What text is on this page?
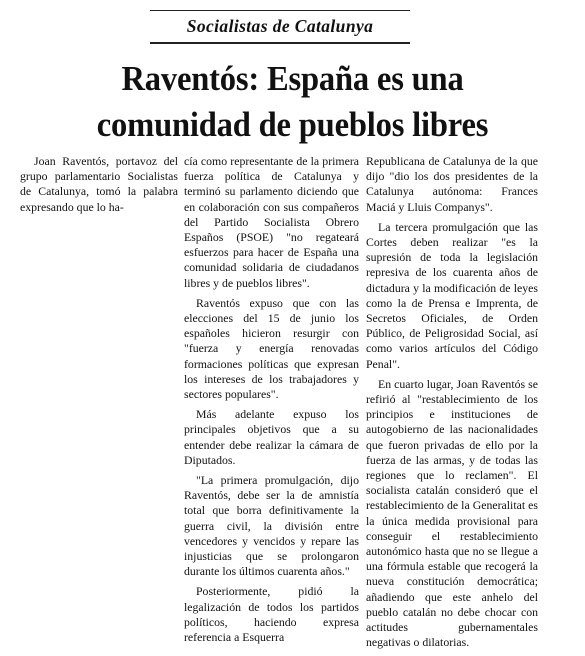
Socialistas de Catalunya
Raventós: España es una
comunidad de pueblos libres

Joan Raventós, portavoz del grupo parlamentario Socialistas de Catalunya, tomó la palabra expresando que lo ha-

cía como representante de la primera fuerza política de Catalunya y terminó su parlamento diciendo que en colaboración con sus compañeros del Partido Socialista Obrero Españos (PSOE) "no regateará esfuerzos para hacer de España una comunidad solidaria de ciudadanos libres y de pueblos libres".

Raventós expuso que con las elecciones del 15 de junio los españoles hicieron resurgir con "fuerza y energía renovadas formaciones políticas que expresan los intereses de los trabajadores y sectores populares".

Más adelante expuso los principales objetivos que a su entender debe realizar la cámara de Diputados.

"La primera promulgación, dijo Raventós, debe ser la de amnistía total que borra definitivamente la guerra civil, la división entre vencedores y vencidos y repare las injusticias que se prolongaron durante los últimos cuarenta años."

Posteriormente, pidió la legalización de todos los partidos políticos, haciendo expresa referencia a Esquerra

Republicana de Catalunya de la que dijo "dio los dos presidentes de la Catalunya autónoma: Frances Maciá y Lluis Companys".

La tercera promulgación que las Cortes deben realizar "es la supresión de toda la legislación represiva de los cuarenta años de dictadura y la modificación de leyes como la de Prensa e Imprenta, de Secretos Oficiales, de Orden Público, de Peligrosidad Social, así como varios artículos del Código Penal".

En cuarto lugar, Joan Raventós se refirió al "restablecimiento de los principios e instituciones de autogobierno de las nacionalidades que fueron privadas de ello por la fuerza de las armas, y de todas las regiones que lo reclamen". El socialista catalán consideró que el restablecimiento de la Generalitat es la única medida provisional para conseguir el restablecimiento autonómico hasta que no se llegue a una fórmula estable que recogerá la nueva constitución democrática; añadiendo que este anhelo del pueblo catalán no debe chocar con actitudes gubernamentales negativas o dilatorias.
